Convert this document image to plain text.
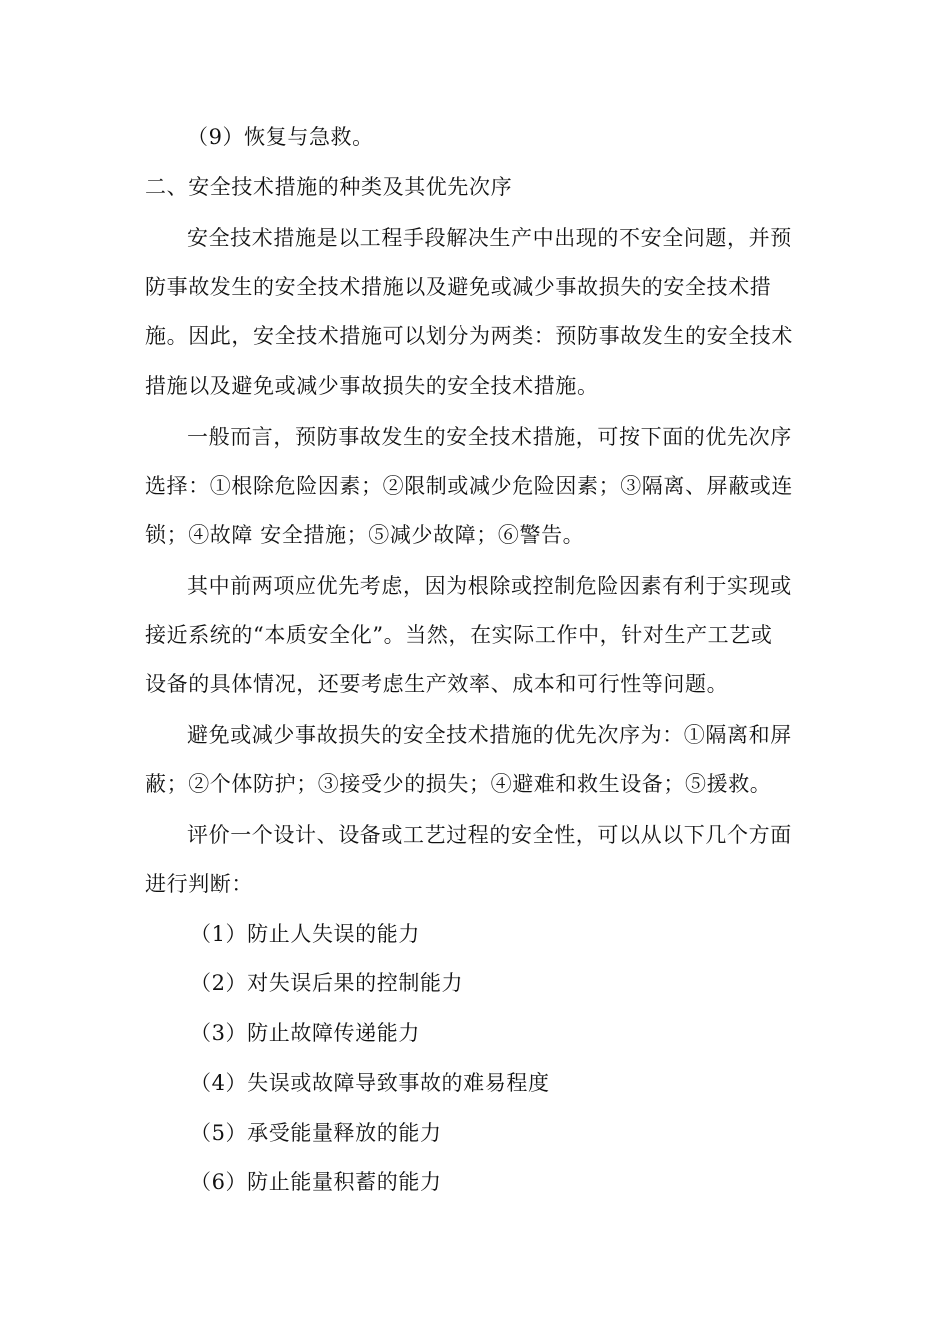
（9）恢复与急救。
二、安全技术措施的种类及其优先次序
安全技术措施是以工程手段解决生产中出现的不安全问题，并预
防事故发生的安全技术措施以及避免或减少事故损失的安全技术措
施。因此，安全技术措施可以划分为两类：预防事故发生的安全技术
措施以及避免或减少事故损失的安全技术措施。
一般而言，预防事故发生的安全技术措施，可按下面的优先次序
选择：①根除危险因素；②限制或减少危险因素；③隔离、屏蔽或连
锁；④故障 安全措施；⑤减少故障；⑥警告。
其中前两项应优先考虑，因为根除或控制危险因素有利于实现或
接近系统的“本质安全化”。当然，在实际工作中，针对生产工艺或
设备的具体情况，还要考虑生产效率、成本和可行性等问题。
避免或减少事故损失的安全技术措施的优先次序为：①隔离和屏
蔽；②个体防护；③接受少的损失；④避难和救生设备；⑤援救。
评价一个设计、设备或工艺过程的安全性，可以从以下几个方面
进行判断：
（1）防止人失误的能力
（2）对失误后果的控制能力
（3）防止故障传递能力
（4）失误或故障导致事故的难易程度
（5）承受能量释放的能力
（6）防止能量积蓄的能力
